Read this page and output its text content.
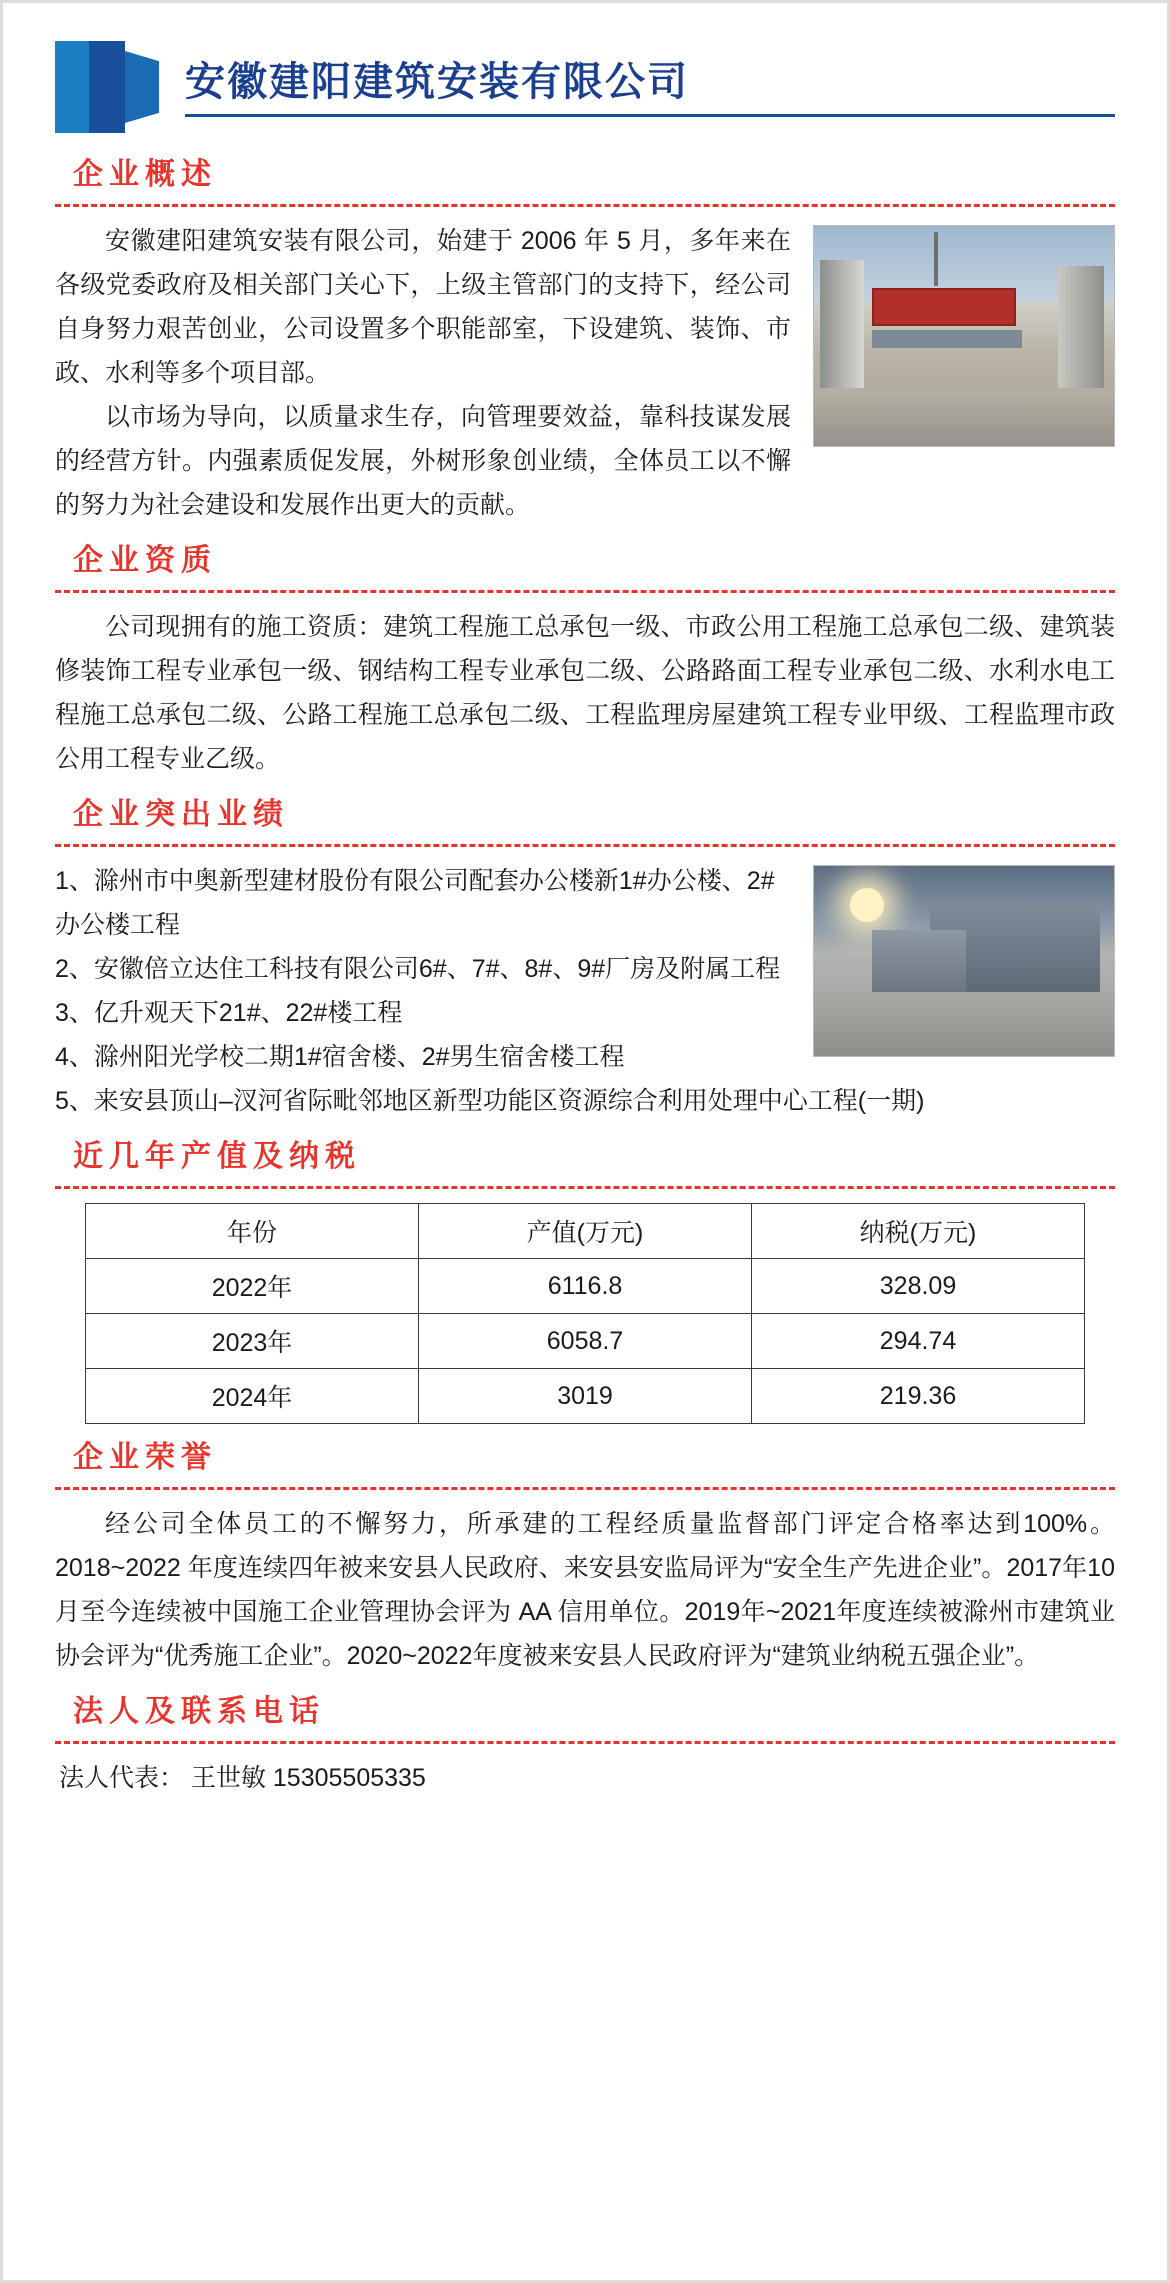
安徽建阳建筑安装有限公司
企业概述

安徽建阳建筑安装有限公司，始建于 2006 年 5 月，多年来在各级党委政府及相关部门关心下，上级主管部门的支持下，经公司自身努力艰苦创业，公司设置多个职能部室，下设建筑、装饰、市政、水利等多个项目部。

以市场为导向，以质量求生存，向管理要效益，靠科技谋发展的经营方针。内强素质促发展，外树形象创业绩，全体员工以不懈的努力为社会建设和发展作出更大的贡献。

企业资质

公司现拥有的施工资质：建筑工程施工总承包一级、市政公用工程施工总承包二级、建筑装修装饰工程专业承包一级、钢结构工程专业承包二级、公路路面工程专业承包二级、水利水电工程施工总承包二级、公路工程施工总承包二级、工程监理房屋建筑工程专业甲级、工程监理市政公用工程专业乙级。

企业突出业绩

1、滁州市中奥新型建材股份有限公司配套办公楼新1#办公楼、2#办公楼工程

2、安徽倍立达住工科技有限公司6#、7#、8#、9#厂房及附属工程

3、亿升观天下21#、22#楼工程

4、滁州阳光学校二期1#宿舍楼、2#男生宿舍楼工程

5、来安县顶山–汊河省际毗邻地区新型功能区资源综合利用处理中心工程(一期)

近几年产值及纳税
年份	产值(万元)	纳税(万元)
2022年	6116.8	328.09
2023年	6058.7	294.74
2024年	3019	219.36
企业荣誉

经公司全体员工的不懈努力，所承建的工程经质量监督部门评定合格率达到100%。2018~2022 年度连续四年被来安县人民政府、来安县安监局评为“安全生产先进企业”。2017年10月至今连续被中国施工企业管理协会评为 AA 信用单位。2019年~2021年度连续被滁州市建筑业协会评为“优秀施工企业”。2020~2022年度被来安县人民政府评为“建筑业纳税五强企业”。

法人及联系电话

法人代表： 王世敏 15305505335
